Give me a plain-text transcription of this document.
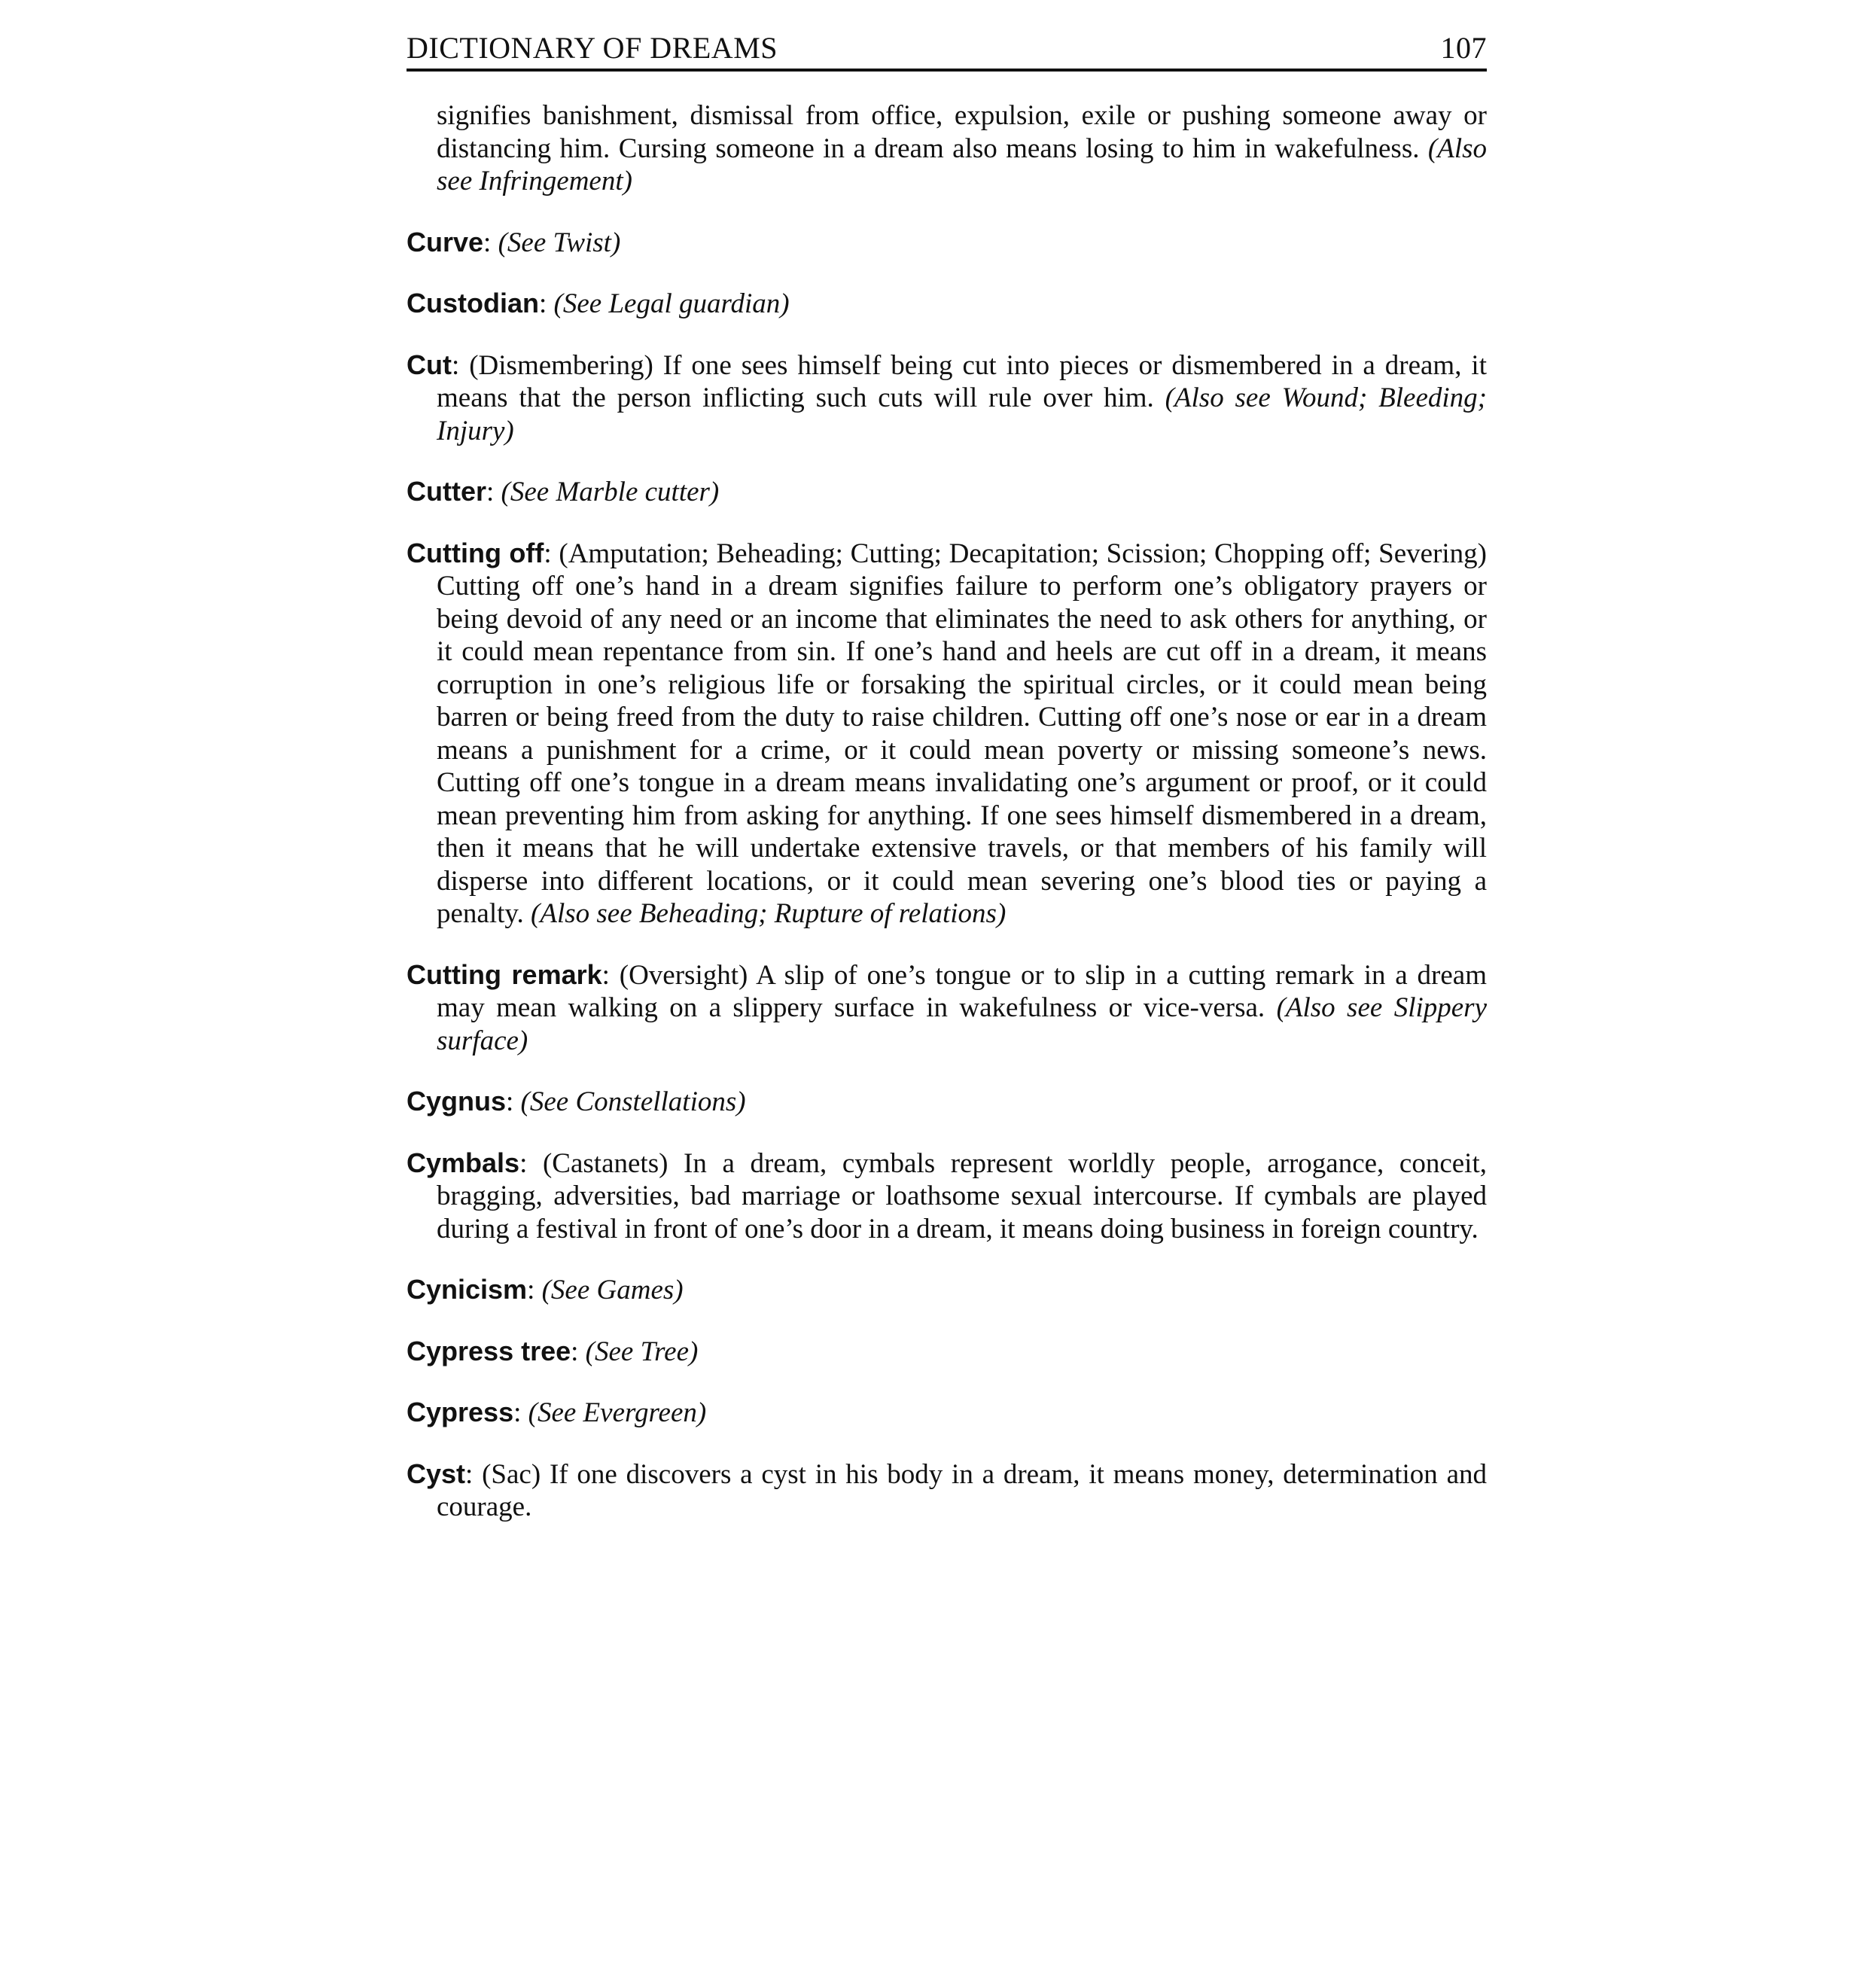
DICTIONARY OF DREAMS	107

signifies banishment, dismissal from office, expulsion, exile or pushing someone away or distancing him. Cursing someone in a dream also means losing to him in wakefulness. (Also see Infringement)

Curve: (See Twist)

Custodian: (See Legal guardian)

Cut: (Dismembering) If one sees himself being cut into pieces or dismembered in a dream, it means that the person inflicting such cuts will rule over him. (Also see Wound; Bleeding; Injury)

Cutter: (See Marble cutter)

Cutting off: (Amputation; Beheading; Cutting; Decapitation; Scission; Chopping off; Severing) Cutting off one’s hand in a dream signifies failure to perform one’s obligatory prayers or being devoid of any need or an income that eliminates the need to ask others for anything, or it could mean repentance from sin. If one’s hand and heels are cut off in a dream, it means corruption in one’s religious life or forsaking the spiritual circles, or it could mean being barren or being freed from the duty to raise children. Cutting off one’s nose or ear in a dream means a punishment for a crime, or it could mean poverty or missing someone’s news. Cutting off one’s tongue in a dream means invalidating one’s argument or proof, or it could mean preventing him from asking for anything. If one sees himself dismembered in a dream, then it means that he will undertake extensive travels, or that members of his family will disperse into different locations, or it could mean severing one’s blood ties or paying a penalty. (Also see Beheading; Rupture of relations)

Cutting remark: (Oversight) A slip of one’s tongue or to slip in a cutting remark in a dream may mean walking on a slippery surface in wakefulness or vice-versa. (Also see Slippery surface)

Cygnus: (See Constellations)

Cymbals: (Castanets) In a dream, cymbals represent worldly people, arrogance, conceit, bragging, adversities, bad marriage or loathsome sexual intercourse. If cymbals are played during a festival in front of one’s door in a dream, it means doing business in foreign country.

Cynicism: (See Games)

Cypress tree: (See Tree)

Cypress: (See Evergreen)

Cyst: (Sac) If one discovers a cyst in his body in a dream, it means money, determination and courage.
